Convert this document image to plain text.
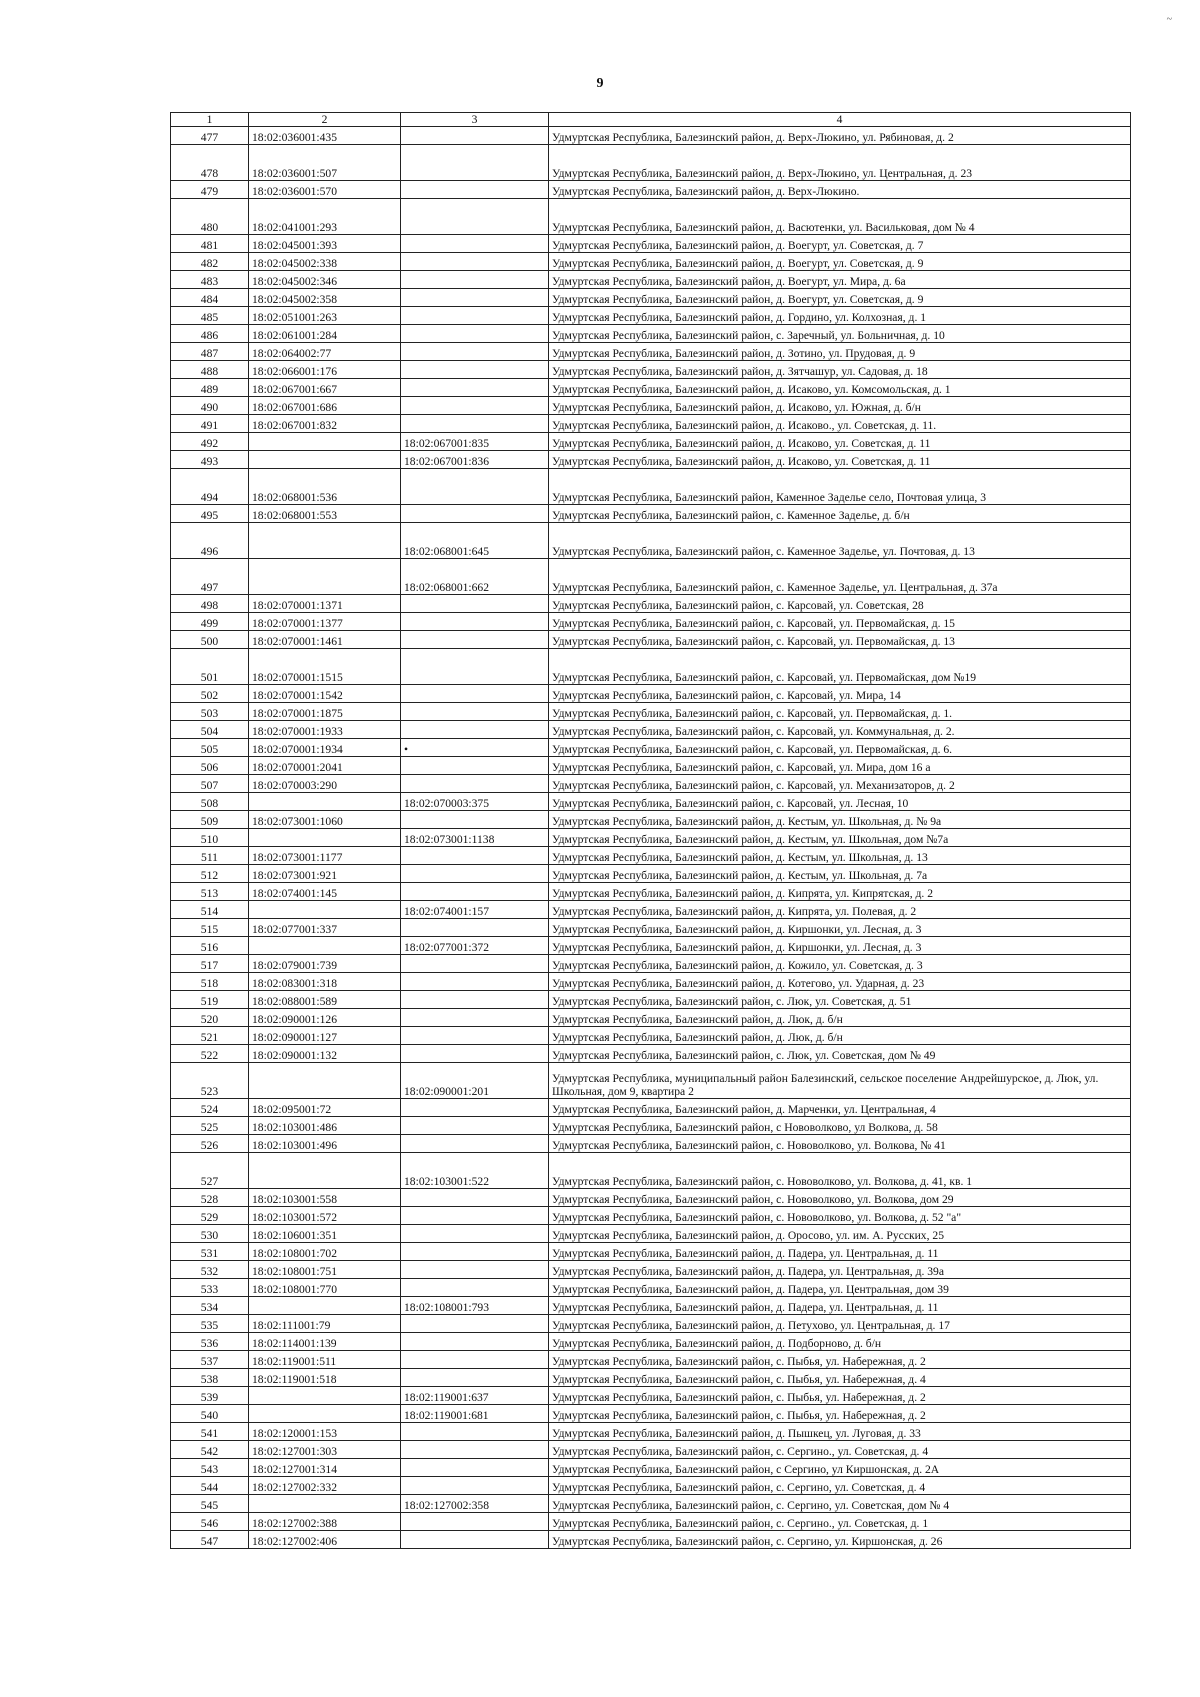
~
9
1	2	3	4
477	18:02:036001:435		Удмуртская Республика, Балезинский район, д. Верх-Люкино, ул. Рябиновая, д. 2
478	18:02:036001:507		Удмуртская Республика, Балезинский район, д. Верх-Люкино, ул. Центральная, д. 23
479	18:02:036001:570		Удмуртская Республика, Балезинский район, д. Верх-Люкино.
480	18:02:041001:293		Удмуртская Республика, Балезинский район, д. Васютенки, ул. Васильковая, дом № 4
481	18:02:045001:393		Удмуртская Республика, Балезинский район, д. Воегурт, ул. Советская, д. 7
482	18:02:045002:338		Удмуртская Республика, Балезинский район, д. Воегурт, ул. Советская, д. 9
483	18:02:045002:346		Удмуртская Республика, Балезинский район, д. Воегурт, ул. Мира, д. 6а
484	18:02:045002:358		Удмуртская Республика, Балезинский район, д. Воегурт, ул. Советская, д. 9
485	18:02:051001:263		Удмуртская Республика, Балезинский район, д. Гордино, ул. Колхозная, д. 1
486	18:02:061001:284		Удмуртская Республика, Балезинский район, с. Заречный, ул. Больничная, д. 10
487	18:02:064002:77		Удмуртская Республика, Балезинский район, д. Зотино, ул. Прудовая, д. 9
488	18:02:066001:176		Удмуртская Республика, Балезинский район, д. Зятчашур, ул. Садовая, д. 18
489	18:02:067001:667		Удмуртская Республика, Балезинский район, д. Исаково, ул. Комсомольская, д. 1
490	18:02:067001:686		Удмуртская Республика, Балезинский район, д. Исаково, ул. Южная, д. б/н
491	18:02:067001:832		Удмуртская Республика, Балезинский район, д. Исаково., ул. Советская, д. 11.
492		18:02:067001:835	Удмуртская Республика, Балезинский район, д. Исаково, ул. Советская, д. 11
493		18:02:067001:836	Удмуртская Республика, Балезинский район, д. Исаково, ул. Советская, д. 11
494	18:02:068001:536		Удмуртская Республика, Балезинский район, Каменное Заделье село, Почтовая улица, 3
495	18:02:068001:553		Удмуртская Республика, Балезинский район, с. Каменное Заделье, д. б/н
496		18:02:068001:645	Удмуртская Республика, Балезинский район, с. Каменное Заделье, ул. Почтовая, д. 13
497		18:02:068001:662	Удмуртская Республика, Балезинский район, с. Каменное Заделье, ул. Центральная, д. 37а
498	18:02:070001:1371		Удмуртская Республика, Балезинский район, с. Карсовай, ул. Советская, 28
499	18:02:070001:1377		Удмуртская Республика, Балезинский район, с. Карсовай, ул. Первомайская, д. 15
500	18:02:070001:1461		Удмуртская Республика, Балезинский район, с. Карсовай, ул. Первомайская, д. 13
501	18:02:070001:1515		Удмуртская Республика, Балезинский район, с. Карсовай, ул. Первомайская, дом №19
502	18:02:070001:1542		Удмуртская Республика, Балезинский район, с. Карсовай, ул. Мира, 14
503	18:02:070001:1875		Удмуртская Республика, Балезинский район, с. Карсовай, ул. Первомайская, д. 1.
504	18:02:070001:1933		Удмуртская Республика, Балезинский район, с. Карсовай, ул. Коммунальная, д. 2.
505	18:02:070001:1934	•	Удмуртская Республика, Балезинский район, с. Карсовай, ул. Первомайская, д. 6.
506	18:02:070001:2041		Удмуртская Республика, Балезинский район, с. Карсовай, ул. Мира, дом 16 а
507	18:02:070003:290		Удмуртская Республика, Балезинский район, с. Карсовай, ул. Механизаторов, д. 2
508		18:02:070003:375	Удмуртская Республика, Балезинский район, с. Карсовай, ул. Лесная, 10
509	18:02:073001:1060		Удмуртская Республика, Балезинский район, д. Кестым, ул. Школьная, д. № 9а
510		18:02:073001:1138	Удмуртская Республика, Балезинский район, д. Кестым, ул. Школьная, дом №7а
511	18:02:073001:1177		Удмуртская Республика, Балезинский район, д. Кестым, ул. Школьная, д. 13
512	18:02:073001:921		Удмуртская Республика, Балезинский район, д. Кестым, ул. Школьная, д. 7а
513	18:02:074001:145		Удмуртская Республика, Балезинский район, д. Кипрята, ул. Кипрятская, д. 2
514		18:02:074001:157	Удмуртская Республика, Балезинский район, д. Кипрята, ул. Полевая, д. 2
515	18:02:077001:337		Удмуртская Республика, Балезинский район, д. Киршонки, ул. Лесная, д. 3
516		18:02:077001:372	Удмуртская Республика, Балезинский район, д. Киршонки, ул. Лесная, д. 3
517	18:02:079001:739		Удмуртская Республика, Балезинский район, д. Кожило, ул. Советская, д. 3
518	18:02:083001:318		Удмуртская Республика, Балезинский район, д. Котегово, ул. Ударная, д. 23
519	18:02:088001:589		Удмуртская Республика, Балезинский район, с. Люк, ул. Советская, д. 51
520	18:02:090001:126		Удмуртская Республика, Балезинский район, д. Люк, д. б/н
521	18:02:090001:127		Удмуртская Республика, Балезинский район, д. Люк, д. б/н
522	18:02:090001:132		Удмуртская Республика, Балезинский район, с. Люк, ул. Советская, дом № 49
523		18:02:090001:201	Удмуртская Республика, муниципальный район Балезинский, сельское поселение Андрейшурское, д. Люк, ул. Школьная, дом 9, квартира 2
524	18:02:095001:72		Удмуртская Республика, Балезинский район, д. Марченки, ул. Центральная, 4
525	18:02:103001:486		Удмуртская Республика, Балезинский район, с Нововолково, ул Волкова, д. 58
526	18:02:103001:496		Удмуртская Республика, Балезинский район, с. Нововолково, ул. Волкова, № 41
527		18:02:103001:522	Удмуртская Республика, Балезинский район, с. Нововолково, ул. Волкова, д. 41, кв. 1
528	18:02:103001:558		Удмуртская Республика, Балезинский район, с. Нововолково, ул. Волкова, дом 29
529	18:02:103001:572		Удмуртская Республика, Балезинский район, с. Нововолково, ул. Волкова, д. 52 "а"
530	18:02:106001:351		Удмуртская Республика, Балезинский район, д. Оросово, ул. им. А. Русских, 25
531	18:02:108001:702		Удмуртская Республика, Балезинский район, д. Падера, ул. Центральная, д. 11
532	18:02:108001:751		Удмуртская Республика, Балезинский район, д. Падера, ул. Центральная, д. 39а
533	18:02:108001:770		Удмуртская Республика, Балезинский район, д. Падера, ул. Центральная, дом 39
534		18:02:108001:793	Удмуртская Республика, Балезинский район, д. Падера, ул. Центральная, д. 11
535	18:02:111001:79		Удмуртская Республика, Балезинский район, д. Петухово, ул. Центральная, д. 17
536	18:02:114001:139		Удмуртская Республика, Балезинский район, д. Подборново, д. б/н
537	18:02:119001:511		Удмуртская Республика, Балезинский район, с. Пыбья, ул. Набережная, д. 2
538	18:02:119001:518		Удмуртская Республика, Балезинский район, с. Пыбья, ул. Набережная, д. 4
539		18:02:119001:637	Удмуртская Республика, Балезинский район, с. Пыбья, ул. Набережная, д. 2
540		18:02:119001:681	Удмуртская Республика, Балезинский район, с. Пыбья, ул. Набережная, д. 2
541	18:02:120001:153		Удмуртская Республика, Балезинский район, д. Пышкец, ул. Луговая, д. 33
542	18:02:127001:303		Удмуртская Республика, Балезинский район, с. Сергино., ул. Советская, д. 4
543	18:02:127001:314		Удмуртская Республика, Балезинский район, с Сергино, ул Киршонская, д. 2А
544	18:02:127002:332		Удмуртская Республика, Балезинский район, с. Сергино, ул. Советская, д. 4
545		18:02:127002:358	Удмуртская Республика, Балезинский район, с. Сергино, ул. Советская, дом № 4
546	18:02:127002:388		Удмуртская Республика, Балезинский район, с. Сергино., ул. Советская, д. 1
547	18:02:127002:406		Удмуртская Республика, Балезинский район, с. Сергино, ул. Киршонская, д. 26
